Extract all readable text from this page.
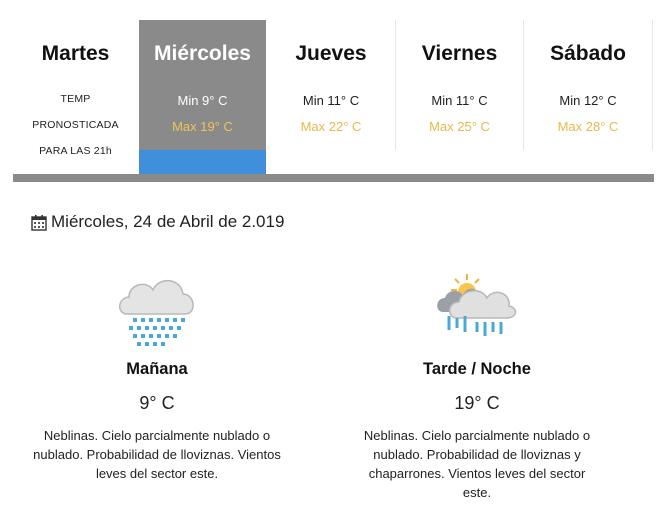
Martes
TEMP
PRONOSTICADA
PARA LAS 21h
Miércoles
Min 9° C
Max 19° C
Jueves
Min 11° C
Max 22° C
Viernes
Min 11° C
Max 25° C
Sábado
Min 12° C
Max 28° C
Miércoles, 24 de Abril de 2.019
Mañana
9° C
Neblinas. Cielo parcialmente nublado o nublado. Probabilidad de lloviznas. Vientos leves del sector este.
Tarde / Noche
19° C
Neblinas. Cielo parcialmente nublado o nublado. Probabilidad de lloviznas y chaparrones. Vientos leves del sector este.
